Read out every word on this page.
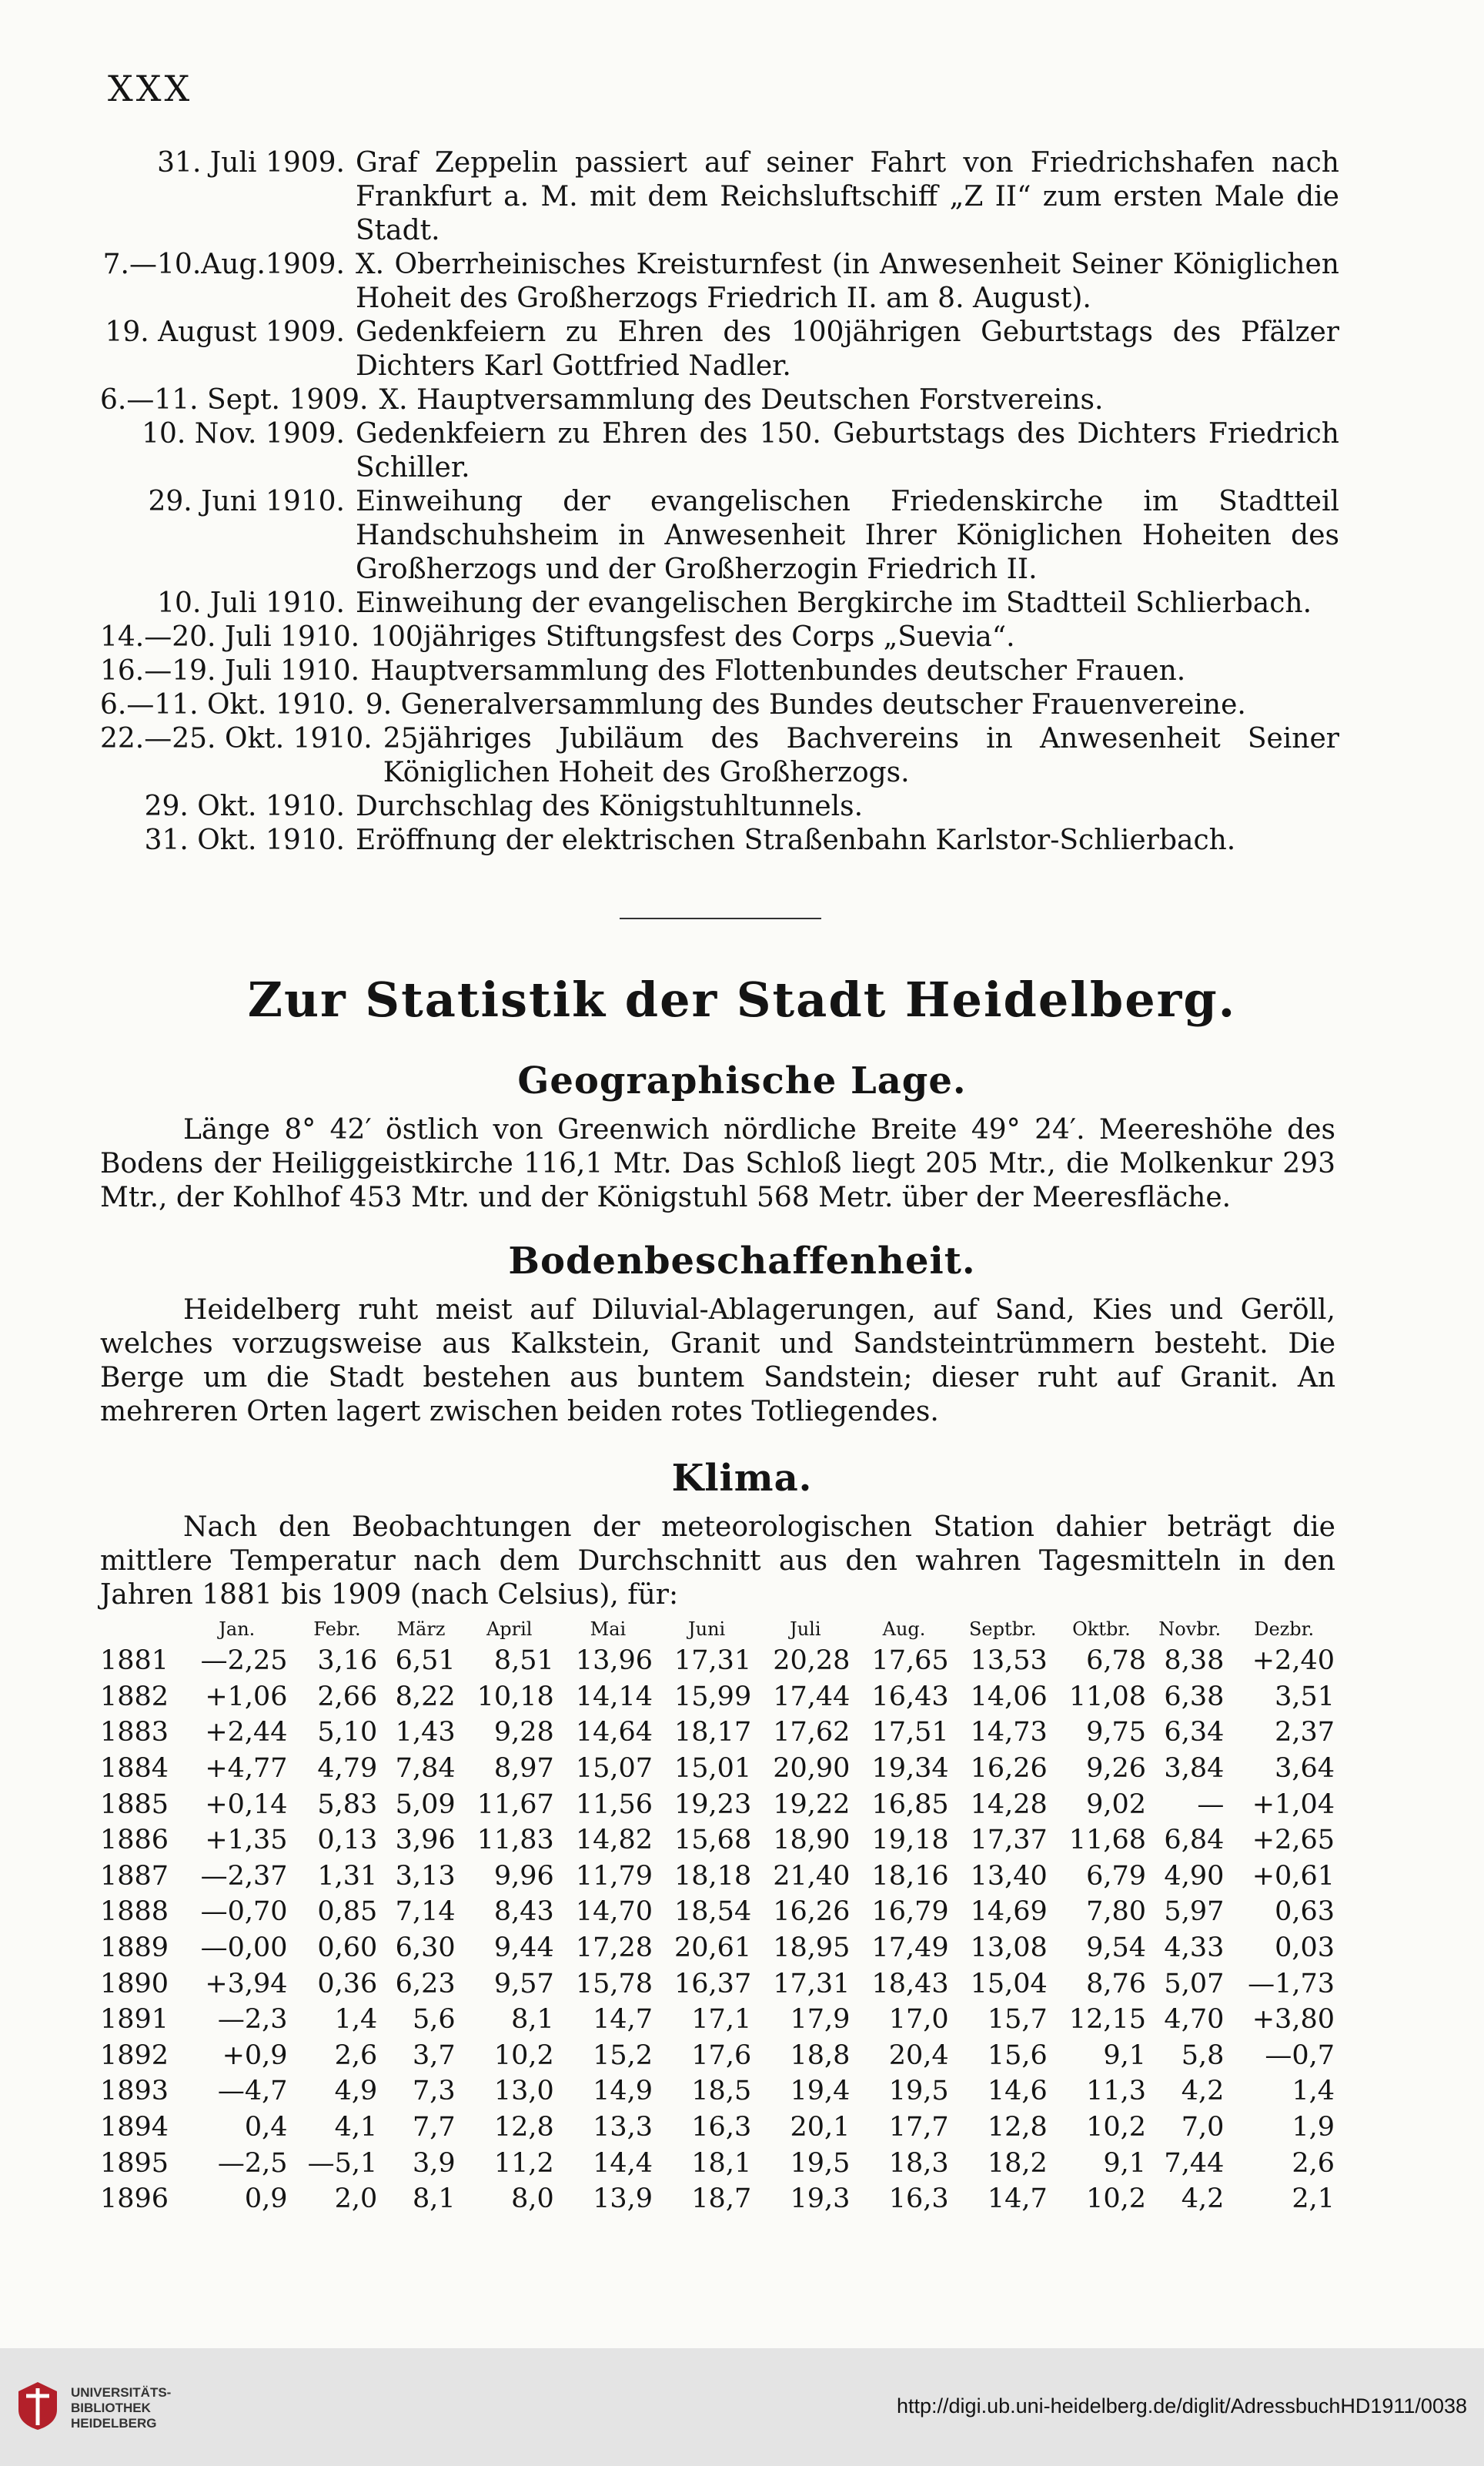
XXX
31. Juli 1909. Graf Zeppelin passiert auf seiner Fahrt von Friedrichshafen nach Frankfurt a. M. mit dem Reichsluftschiff „Z II“ zum ersten Male die Stadt.
7.—10.Aug.1909. X. Oberrheinisches Kreisturnfest (in Anwesenheit Seiner Königlichen Hoheit des Großherzogs Friedrich II. am 8. August).
19. August 1909. Gedenkfeiern zu Ehren des 100jährigen Geburtstags des Pfälzer Dichters Karl Gottfried Nadler.
6.—11. Sept. 1909. X. Hauptversammlung des Deutschen Forstvereins.
10. Nov. 1909. Gedenkfeiern zu Ehren des 150. Geburtstags des Dichters Friedrich Schiller.
29. Juni 1910. Einweihung der evangelischen Friedenskirche im Stadtteil Handschuhsheim in Anwesenheit Ihrer Königlichen Hoheiten des Großherzogs und der Großherzogin Friedrich II.
10. Juli 1910. Einweihung der evangelischen Bergkirche im Stadtteil Schlierbach.
14.—20. Juli 1910. 100jähriges Stiftungsfest des Corps „Suevia“.
16.—19. Juli 1910. Hauptversammlung des Flottenbundes deutscher Frauen.
6.—11. Okt. 1910. 9. Generalversammlung des Bundes deutscher Frauenvereine.
22.—25. Okt. 1910. 25jähriges Jubiläum des Bachvereins in Anwesenheit Seiner Königlichen Hoheit des Großherzogs.
29. Okt. 1910. Durchschlag des Königstuhltunnels.
31. Okt. 1910. Eröffnung der elektrischen Straßenbahn Karlstor-Schlierbach.
Zur Statistik der Stadt Heidelberg.
Geographische Lage.

Länge 8° 42′ östlich von Greenwich nördliche Breite 49° 24′. Meereshöhe des Bodens der Heiliggeistkirche 116,1 Mtr. Das Schloß liegt 205 Mtr., die Molkenkur 293 Mtr., der Kohlhof 453 Mtr. und der Königstuhl 568 Metr. über der Meeresfläche.

Bodenbeschaffenheit.

Heidelberg ruht meist auf Diluvial-Ablagerungen, auf Sand, Kies und Geröll, welches vorzugsweise aus Kalkstein, Granit und Sandsteintrümmern besteht. Die Berge um die Stadt bestehen aus buntem Sandstein; dieser ruht auf Granit. An mehreren Orten lagert zwischen beiden rotes Totliegendes.

Klima.

Nach den Beobachtungen der meteorologischen Station dahier beträgt die mittlere Temperatur nach dem Durchschnitt aus den wahren Tagesmitteln in den Jahren 1881 bis 1909 (nach Celsius), für:

	Jan.	Febr.	März	April	Mai	Juni	Juli	Aug.	Septbr.	Oktbr.	Novbr.	Dezbr.
1881	—2,25	3,16	6,51	8,51	13,96	17,31	20,28	17,65	13,53	6,78	8,38	+2,40
1882	+1,06	2,66	8,22	10,18	14,14	15,99	17,44	16,43	14,06	11,08	6,38	3,51
1883	+2,44	5,10	1,43	9,28	14,64	18,17	17,62	17,51	14,73	9,75	6,34	2,37
1884	+4,77	4,79	7,84	8,97	15,07	15,01	20,90	19,34	16,26	9,26	3,84	3,64
1885	+0,14	5,83	5,09	11,67	11,56	19,23	19,22	16,85	14,28	9,02	—	+1,04
1886	+1,35	0,13	3,96	11,83	14,82	15,68	18,90	19,18	17,37	11,68	6,84	+2,65
1887	—2,37	1,31	3,13	9,96	11,79	18,18	21,40	18,16	13,40	6,79	4,90	+0,61
1888	—0,70	0,85	7,14	8,43	14,70	18,54	16,26	16,79	14,69	7,80	5,97	0,63
1889	—0,00	0,60	6,30	9,44	17,28	20,61	18,95	17,49	13,08	9,54	4,33	0,03
1890	+3,94	0,36	6,23	9,57	15,78	16,37	17,31	18,43	15,04	8,76	5,07	—1,73
1891	—2,3	1,4	5,6	8,1	14,7	17,1	17,9	17,0	15,7	12,15	4,70	+3,80
1892	+0,9	2,6	3,7	10,2	15,2	17,6	18,8	20,4	15,6	9,1	5,8	—0,7
1893	—4,7	4,9	7,3	13,0	14,9	18,5	19,4	19,5	14,6	11,3	4,2	1,4
1894	0,4	4,1	7,7	12,8	13,3	16,3	20,1	17,7	12,8	10,2	7,0	1,9
1895	—2,5	—5,1	3,9	11,2	14,4	18,1	19,5	18,3	18,2	9,1	7,44	2,6
1896	0,9	2,0	8,1	8,0	13,9	18,7	19,3	16,3	14,7	10,2	4,2	2,1
UNIVERSITÄTS-
BIBLIOTHEK
HEIDELBERG
http://digi.ub.uni-heidelberg.de/diglit/AdressbuchHD1911/0038
